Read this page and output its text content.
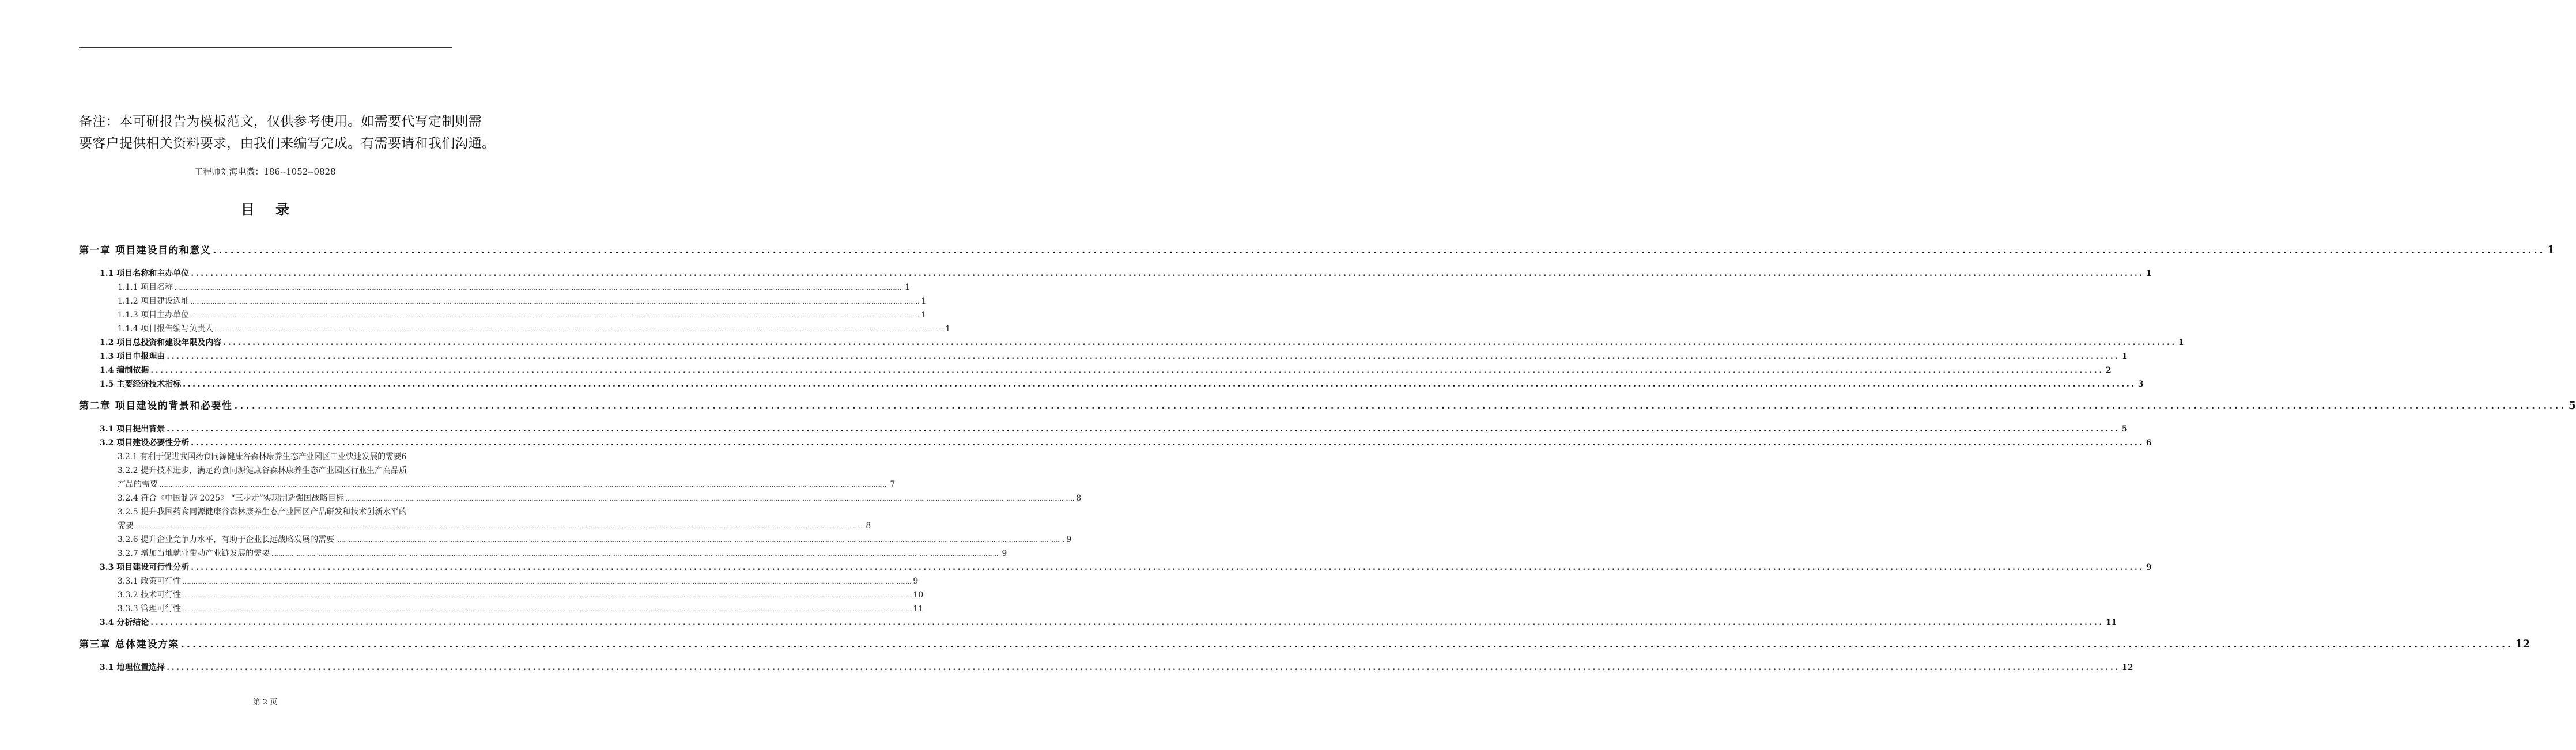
备注：本可研报告为模板范文，仅供参考使用。如需要代写定制则需

要客户提供相关资料要求，由我们来编写完成。有需要请和我们沟通。

工程师刘海电微：186--1052--0828
目 录
第一章 项目建设目的和意义 ................................................................................................................................................................................................................................................................................................................................................................................................................ 1
1.1 项目名称和主办单位 ................................................................................................................................................................................................................................................................................................................................................................................................................ 1
1.1.1 项目名称 ................................................................................................................................................................................................................................................................................................................................................................................................................ 1
1.1.2 项目建设选址 ................................................................................................................................................................................................................................................................................................................................................................................................................ 1
1.1.3 项目主办单位 ................................................................................................................................................................................................................................................................................................................................................................................................................ 1
1.1.4 项目报告编写负责人 ................................................................................................................................................................................................................................................................................................................................................................................................................ 1
1.2 项目总投资和建设年限及内容 ................................................................................................................................................................................................................................................................................................................................................................................................................ 1
1.3 项目申报理由 ................................................................................................................................................................................................................................................................................................................................................................................................................ 1
1.4 编制依据 ................................................................................................................................................................................................................................................................................................................................................................................................................ 2
1.5 主要经济技术指标 ................................................................................................................................................................................................................................................................................................................................................................................................................ 3
第二章 项目建设的背景和必要性 ................................................................................................................................................................................................................................................................................................................................................................................................................ 5
3.1 项目提出背景 ................................................................................................................................................................................................................................................................................................................................................................................................................ 5
3.2 项目建设必要性分析 ................................................................................................................................................................................................................................................................................................................................................................................................................ 6
3.2.1 有利于促进我国药食同源健康谷森林康养生态产业园区工业快速发展的需要 6
3.2.2 提升技术进步，满足药食同源健康谷森林康养生态产业园区行业生产高品质
产品的需要 ................................................................................................................................................................................................................................................................................................................................................................................................................ 7
3.2.4 符合《中国制造 2025》 “三步走”实现制造强国战略目标 ................................................................................................................................................................................................................................................................................................................................................................................................................ 8
3.2.5 提升我国药食同源健康谷森林康养生态产业园区产品研发和技术创新水平的
需要 ................................................................................................................................................................................................................................................................................................................................................................................................................ 8
3.2.6 提升企业竞争力水平，有助于企业长远战略发展的需要 ................................................................................................................................................................................................................................................................................................................................................................................................................ 9
3.2.7 增加当地就业带动产业链发展的需要 ................................................................................................................................................................................................................................................................................................................................................................................................................ 9
3.3 项目建设可行性分析 ................................................................................................................................................................................................................................................................................................................................................................................................................ 9
3.3.1 政策可行性 ................................................................................................................................................................................................................................................................................................................................................................................................................ 9
3.3.2 技术可行性 ................................................................................................................................................................................................................................................................................................................................................................................................................ 10
3.3.3 管理可行性 ................................................................................................................................................................................................................................................................................................................................................................................................................ 11
3.4 分析结论 ................................................................................................................................................................................................................................................................................................................................................................................................................ 11
第三章 总体建设方案 ................................................................................................................................................................................................................................................................................................................................................................................................................ 12
3.1 地理位置选择 ................................................................................................................................................................................................................................................................................................................................................................................................................ 12
第 2 页
